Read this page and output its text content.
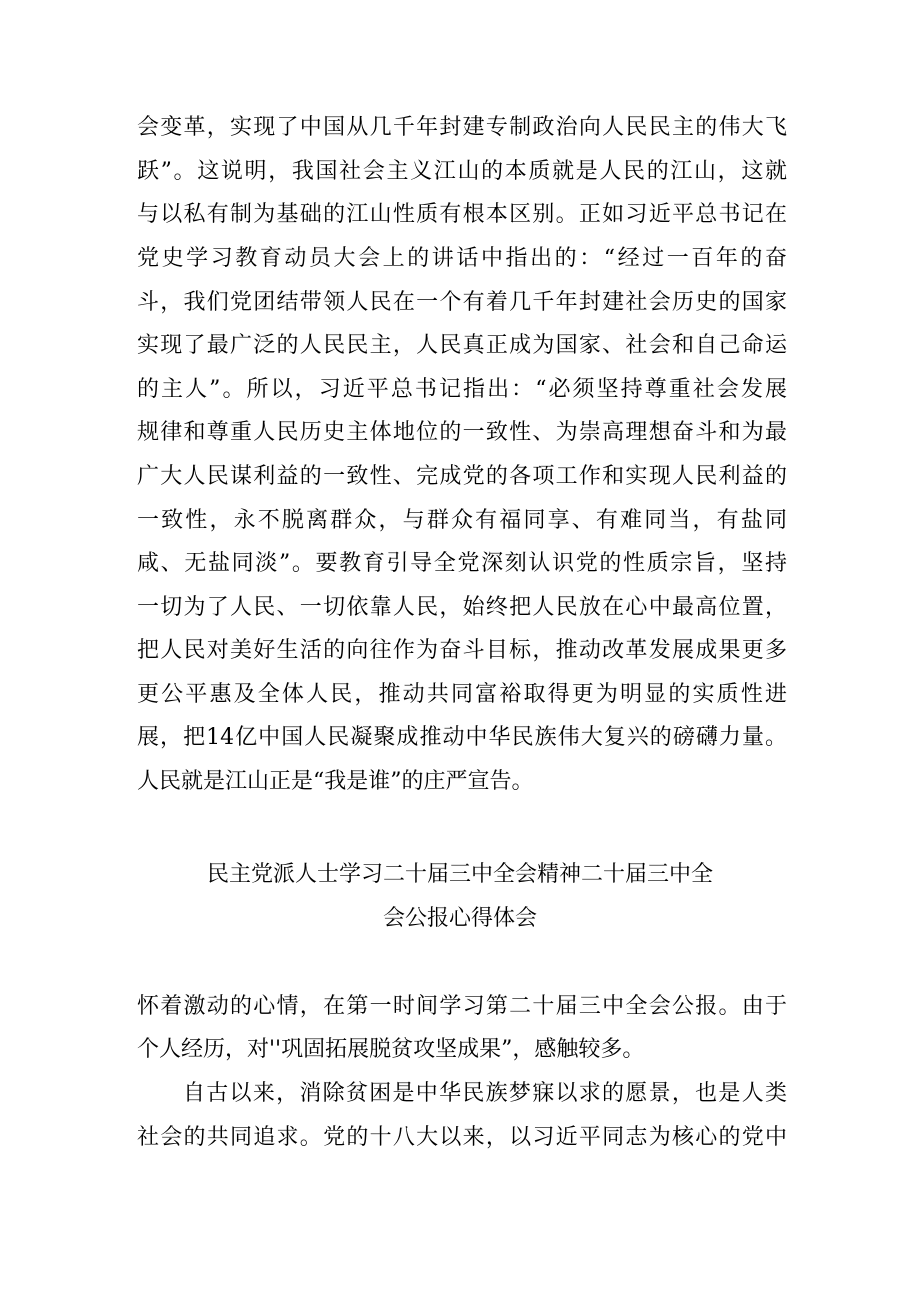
会变革，实现了中国从几千年封建专制政治向人民民主的伟大飞
跃”。这说明，我国社会主义江山的本质就是人民的江山，这就
与以私有制为基础的江山性质有根本区别。正如习近平总书记在
党史学习教育动员大会上的讲话中指出的：“经过一百年的奋
斗，我们党团结带领人民在一个有着几千年封建社会历史的国家
实现了最广泛的人民民主，人民真正成为国家、社会和自己命运
的主人”。所以，习近平总书记指出：“必须坚持尊重社会发展
规律和尊重人民历史主体地位的一致性、为崇高理想奋斗和为最
广大人民谋利益的一致性、完成党的各项工作和实现人民利益的
一致性，永不脱离群众，与群众有福同享、有难同当，有盐同
咸、无盐同淡”。要教育引导全党深刻认识党的性质宗旨，坚持
一切为了人民、一切依靠人民，始终把人民放在心中最高位置，
把人民对美好生活的向往作为奋斗目标，推动改革发展成果更多
更公平惠及全体人民，推动共同富裕取得更为明显的实质性进
展，把14亿中国人民凝聚成推动中华民族伟大复兴的磅礴力量。
人民就是江山正是“我是谁”的庄严宣告。
民主党派人士学习二十届三中全会精神二十届三中全
会公报心得体会
怀着激动的心情，在第一时间学习第二十届三中全会公报。由于
个人经历，对''巩固拓展脱贫攻坚成果”，感触较多。
自古以来，消除贫困是中华民族梦寐以求的愿景，也是人类
社会的共同追求。党的十八大以来，以习近平同志为核心的党中
